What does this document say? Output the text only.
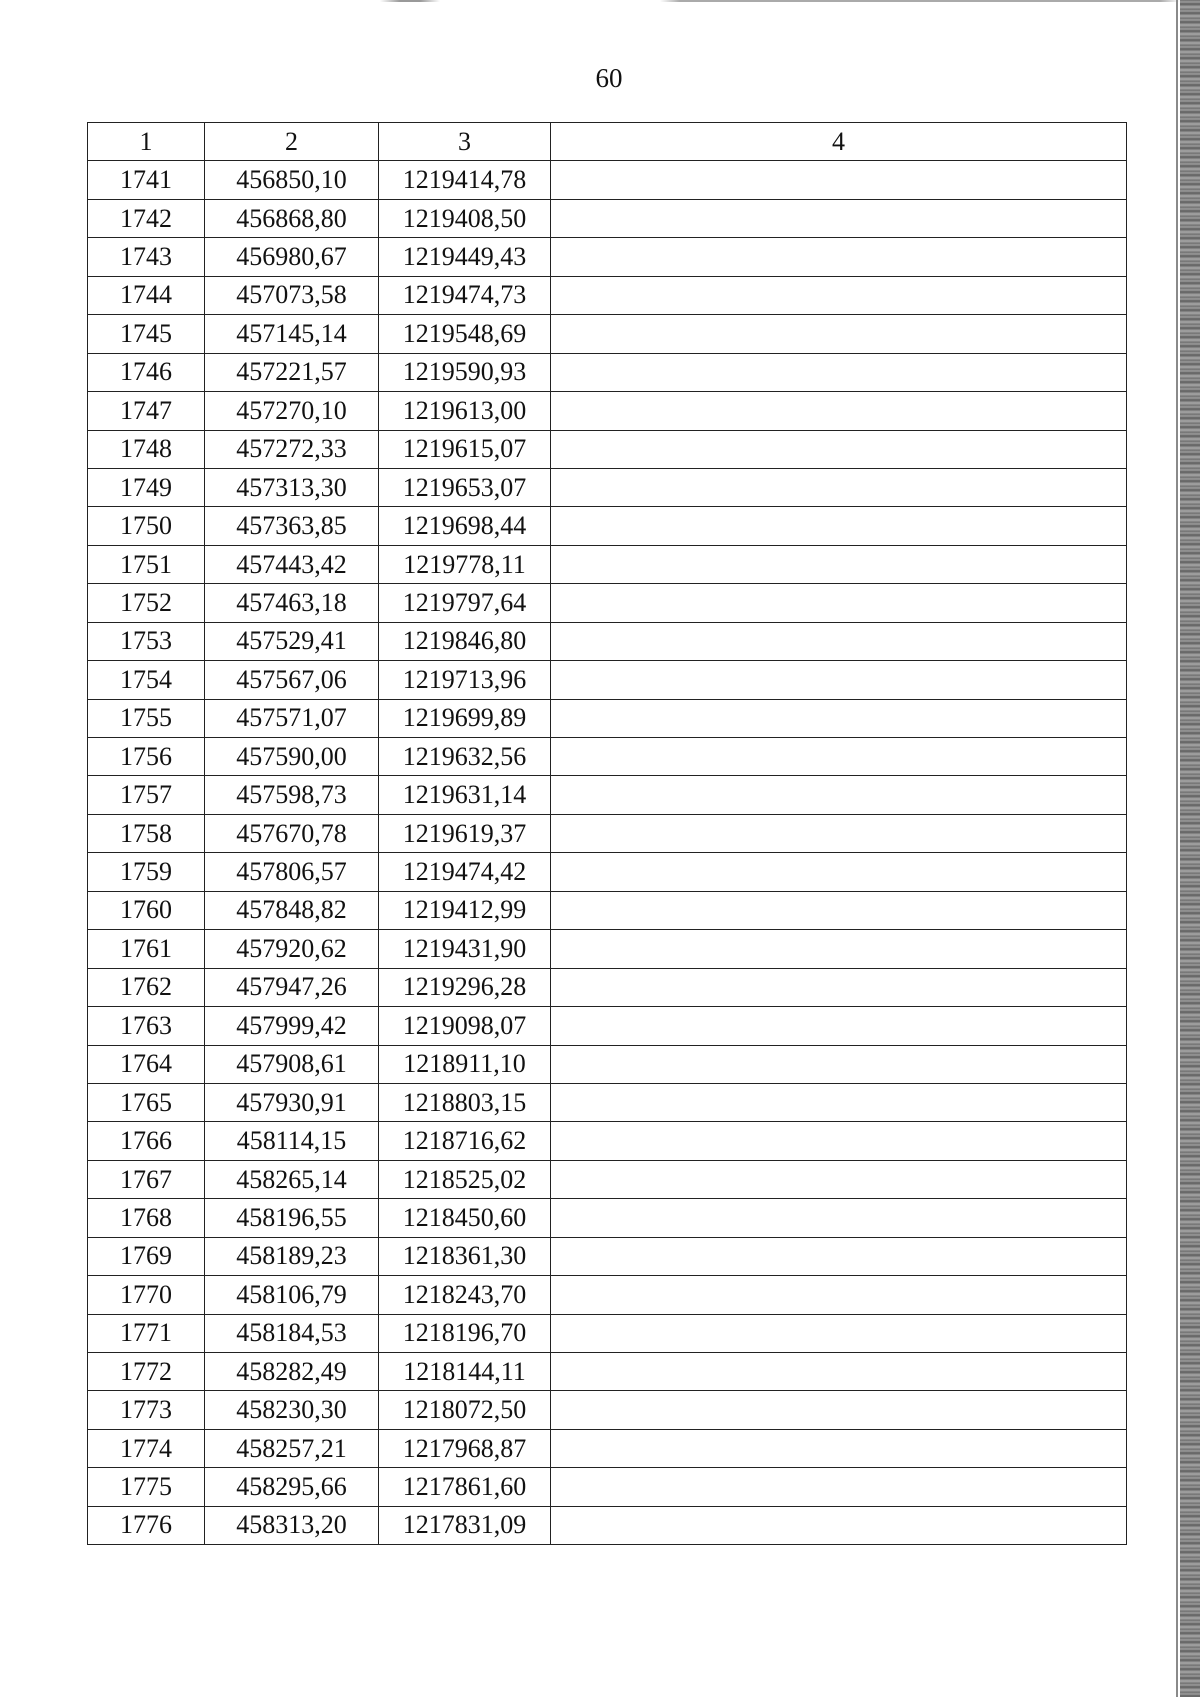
60
1	2	3	4
1741	456850,10	1219414,78	
1742	456868,80	1219408,50	
1743	456980,67	1219449,43	
1744	457073,58	1219474,73	
1745	457145,14	1219548,69	
1746	457221,57	1219590,93	
1747	457270,10	1219613,00	
1748	457272,33	1219615,07	
1749	457313,30	1219653,07	
1750	457363,85	1219698,44	
1751	457443,42	1219778,11	
1752	457463,18	1219797,64	
1753	457529,41	1219846,80	
1754	457567,06	1219713,96	
1755	457571,07	1219699,89	
1756	457590,00	1219632,56	
1757	457598,73	1219631,14	
1758	457670,78	1219619,37	
1759	457806,57	1219474,42	
1760	457848,82	1219412,99	
1761	457920,62	1219431,90	
1762	457947,26	1219296,28	
1763	457999,42	1219098,07	
1764	457908,61	1218911,10	
1765	457930,91	1218803,15	
1766	458114,15	1218716,62	
1767	458265,14	1218525,02	
1768	458196,55	1218450,60	
1769	458189,23	1218361,30	
1770	458106,79	1218243,70	
1771	458184,53	1218196,70	
1772	458282,49	1218144,11	
1773	458230,30	1218072,50	
1774	458257,21	1217968,87	
1775	458295,66	1217861,60	
1776	458313,20	1217831,09	
